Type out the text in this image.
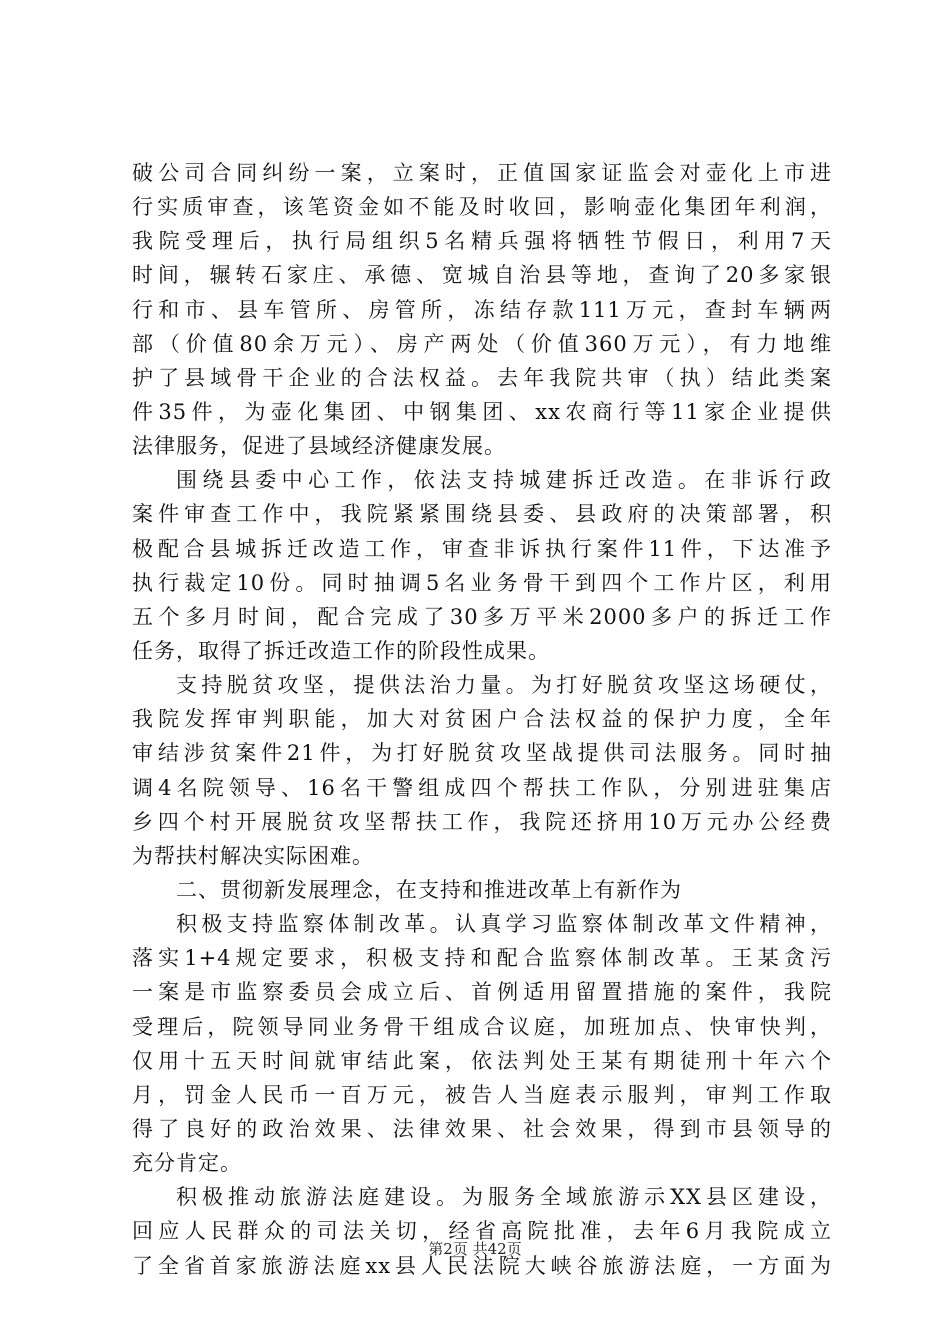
破公司合同纠纷一案，立案时，正值国家证监会对壶化上市进
行实质审查，该笔资金如不能及时收回，影响壶化集团年利润，
我院受理后，执行局组织5名精兵强将牺牲节假日，利用7天
时间，辗转石家庄、承德、宽城自治县等地，查询了20多家银
行和市、县车管所、房管所，冻结存款111万元，查封车辆两
部（价值80余万元）、房产两处（价值360万元），有力地维
护了县域骨干企业的合法权益。去年我院共审（执）结此类案
件35件，为壶化集团、中钢集团、xx农商行等11家企业提供
法律服务，促进了县域经济健康发展。
围绕县委中心工作，依法支持城建拆迁改造。在非诉行政
案件审查工作中，我院紧紧围绕县委、县政府的决策部署，积
极配合县城拆迁改造工作，审查非诉执行案件11件，下达准予
执行裁定10份。同时抽调5名业务骨干到四个工作片区，利用
五个多月时间，配合完成了30多万平米2000多户的拆迁工作
任务，取得了拆迁改造工作的阶段性成果。
支持脱贫攻坚，提供法治力量。为打好脱贫攻坚这场硬仗，
我院发挥审判职能，加大对贫困户合法权益的保护力度，全年
审结涉贫案件21件，为打好脱贫攻坚战提供司法服务。同时抽
调4名院领导、16名干警组成四个帮扶工作队，分别进驻集店
乡四个村开展脱贫攻坚帮扶工作，我院还挤用10万元办公经费
为帮扶村解决实际困难。
二、贯彻新发展理念，在支持和推进改革上有新作为
积极支持监察体制改革。认真学习监察体制改革文件精神，
落实1+4规定要求，积极支持和配合监察体制改革。王某贪污
一案是市监察委员会成立后、首例适用留置措施的案件，我院
受理后，院领导同业务骨干组成合议庭，加班加点、快审快判，
仅用十五天时间就审结此案，依法判处王某有期徒刑十年六个
月，罚金人民币一百万元，被告人当庭表示服判，审判工作取
得了良好的政治效果、法律效果、社会效果，得到市县领导的
充分肯定。
积极推动旅游法庭建设。为服务全域旅游示XX县区建设，
回应人民群众的司法关切，经省高院批准，去年6月我院成立
了全省首家旅游法庭xx县人民法院大峡谷旅游法庭，一方面为
第2页 共42页
